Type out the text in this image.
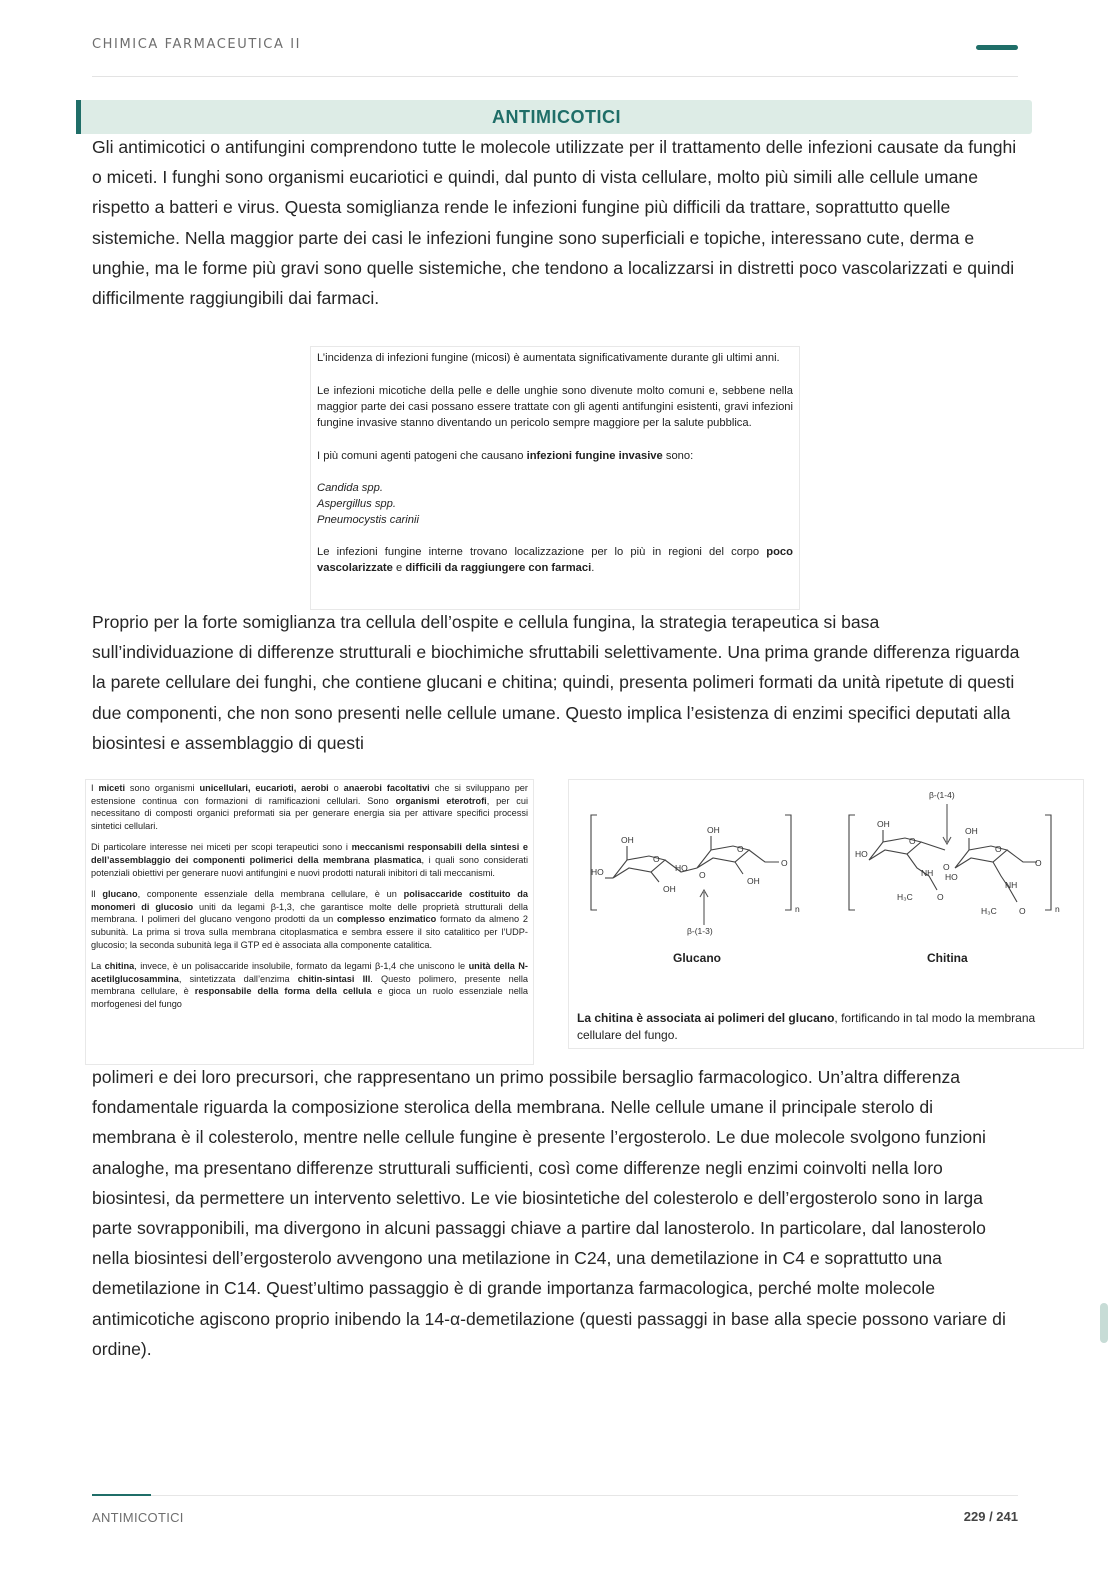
CHIMICA FARMACEUTICA II
ANTIMICOTICI
Gli antimicotici o antifungini comprendono tutte le molecole utilizzate per il trattamento delle infezioni causate da funghi o miceti. I funghi sono organismi eucariotici e quindi, dal punto di vista cellulare, molto più simili alle cellule umane rispetto a batteri e virus. Questa somiglianza rende le infezioni fungine più difficili da trattare, soprattutto quelle sistemiche. Nella maggior parte dei casi le infezioni fungine sono superficiali e topiche, interessano cute, derma e unghie, ma le forme più gravi sono quelle sistemiche, che tendono a localizzarsi in distretti poco vascolarizzati e quindi difficilmente raggiungibili dai farmaci.

L’incidenza di infezioni fungine (micosi) è aumentata significativamente durante gli ultimi anni.

Le infezioni micotiche della pelle e delle unghie sono divenute molto comuni e, sebbene nella maggior parte dei casi possano essere trattate con gli agenti antifungini esistenti, gravi infezioni fungine invasive stanno diventando un pericolo sempre maggiore per la salute pubblica.

I più comuni agenti patogeni che causano infezioni fungine invasive sono:

Candida spp.

Aspergillus spp.

Pneumocystis carinii

Le infezioni fungine interne trovano localizzazione per lo più in regioni del corpo poco vascolarizzate e difficili da raggiungere con farmaci.

Proprio per la forte somiglianza tra cellula dell’ospite e cellula fungina, la strategia terapeutica si basa sull’individuazione di differenze strutturali e biochimiche sfruttabili selettivamente. Una prima grande differenza riguarda la parete cellulare dei funghi, che contiene glucani e chitina; quindi, presenta polimeri formati da unità ripetute di questi due componenti, che non sono presenti nelle cellule umane. Questo implica l’esistenza di enzimi specifici deputati alla biosintesi e assemblaggio di questi

I miceti sono organismi unicellulari, eucarioti, aerobi o anaerobi facoltativi che si sviluppano per estensione continua con formazioni di ramificazioni cellulari. Sono organismi eterotrofi, per cui necessitano di composti organici preformati sia per generare energia sia per attivare specifici processi sintetici cellulari.

Di particolare interesse nei miceti per scopi terapeutici sono i meccanismi responsabili della sintesi e dell’assemblaggio dei componenti polimerici della membrana plasmatica, i quali sono considerati potenziali obiettivi per generare nuovi antifungini e nuovi prodotti naturali inibitori di tali meccanismi.

Il glucano, componente essenziale della membrana cellulare, è un polisaccaride costituito da monomeri di glucosio uniti da legami β-1,3, che garantisce molte delle proprietà strutturali della membrana. I polimeri del glucano vengono prodotti da un complesso enzimatico formato da almeno 2 subunità. La prima si trova sulla membrana citoplasmatica e sembra essere il sito catalitico per l’UDP-glucosio; la seconda subunità lega il GTP ed è associata alla componente catalitica.

La chitina, invece, è un polisaccaride insolubile, formato da legami β-1,4 che uniscono le unità della N-acetilglucosammina, sintetizzata dall’enzima chitin-sintasi III. Questo polimero, presente nella membrana cellulare, è responsabile della forma della cellula e gioca un ruolo essenziale nella morfogenesi del fungo

HO
OH
O
OH
HO
O
OH
O
OH
O
n
β-(1-3)
HO
OH
O
NH
H₃C	O
O
OH
HO
O
NH
H₃C	O
O
n
β-(1-4)
Glucano	Chitina
La chitina è associata ai polimeri del glucano, fortificando in tal modo la membrana cellulare del fungo.
polimeri e dei loro precursori, che rappresentano un primo possibile bersaglio farmacologico. Un’altra differenza fondamentale riguarda la composizione sterolica della membrana. Nelle cellule umane il principale sterolo di membrana è il colesterolo, mentre nelle cellule fungine è presente l’ergosterolo. Le due molecole svolgono funzioni analoghe, ma presentano differenze strutturali sufficienti, così come differenze negli enzimi coinvolti nella loro biosintesi, da permettere un intervento selettivo. Le vie biosintetiche del colesterolo e dell’ergosterolo sono in larga parte sovrapponibili, ma divergono in alcuni passaggi chiave a partire dal lanosterolo. In particolare, dal lanosterolo nella biosintesi dell’ergosterolo avvengono una metilazione in C24, una demetilazione in C4 e soprattutto una demetilazione in C14. Quest’ultimo passaggio è di grande importanza farmacologica, perché molte molecole antimicotiche agiscono proprio inibendo la 14-α-demetilazione (questi passaggi in base alla specie possono variare di ordine).
ANTIMICOTICI	229 / 241
